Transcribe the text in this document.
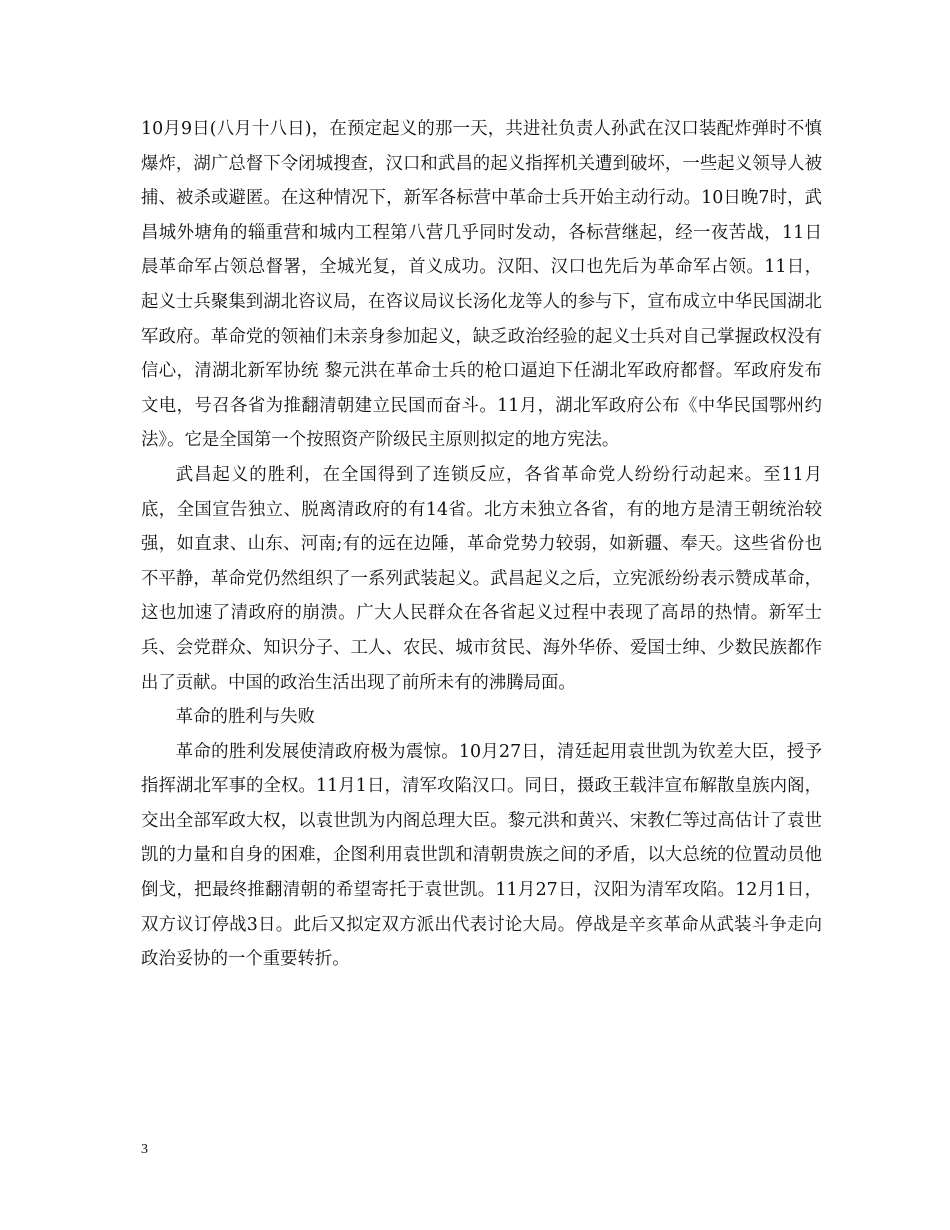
10月9日(八月十八日)，在预定起义的那一天，共进社负责人孙武在汉口装配炸弹时不慎爆炸，湖广总督下令闭城搜查，汉口和武昌的起义指挥机关遭到破坏，一些起义领导人被捕、被杀或避匿。在这种情况下，新军各标营中革命士兵开始主动行动。10日晚7时，武昌城外塘角的辎重营和城内工程第八营几乎同时发动，各标营继起，经一夜苦战，11日晨革命军占领总督署，全城光复，首义成功。汉阳、汉口也先后为革命军占领。11日，起义士兵聚集到湖北咨议局，在咨议局议长汤化龙等人的参与下，宣布成立中华民国湖北军政府。革命党的领袖们未亲身参加起义，缺乏政治经验的起义士兵对自己掌握政权没有信心，清湖北新军协统 黎元洪在革命士兵的枪口逼迫下任湖北军政府都督。军政府发布文电，号召各省为推翻清朝建立民国而奋斗。11月，湖北军政府公布《中华民国鄂州约法》。它是全国第一个按照资产阶级民主原则拟定的地方宪法。

武昌起义的胜利，在全国得到了连锁反应，各省革命党人纷纷行动起来。至11月底，全国宣告独立、脱离清政府的有14省。北方未独立各省，有的地方是清王朝统治较强，如直隶、山东、河南;有的远在边陲，革命党势力较弱，如新疆、奉天。这些省份也不平静，革命党仍然组织了一系列武装起义。武昌起义之后，立宪派纷纷表示赞成革命，这也加速了清政府的崩溃。广大人民群众在各省起义过程中表现了高昂的热情。新军士兵、会党群众、知识分子、工人、农民、城市贫民、海外华侨、爱国士绅、少数民族都作出了贡献。中国的政治生活出现了前所未有的沸腾局面。

革命的胜利与失败

革命的胜利发展使清政府极为震惊。10月27日，清廷起用袁世凯为钦差大臣，授予指挥湖北军事的全权。11月1日，清军攻陷汉口。同日，摄政王载沣宣布解散皇族内阁，交出全部军政大权，以袁世凯为内阁总理大臣。黎元洪和黄兴、宋教仁等过高估计了袁世凯的力量和自身的困难，企图利用袁世凯和清朝贵族之间的矛盾，以大总统的位置动员他倒戈，把最终推翻清朝的希望寄托于袁世凯。11月27日，汉阳为清军攻陷。12月1日，双方议订停战3日。此后又拟定双方派出代表讨论大局。停战是辛亥革命从武装斗争走向政治妥协的一个重要转折。

3
